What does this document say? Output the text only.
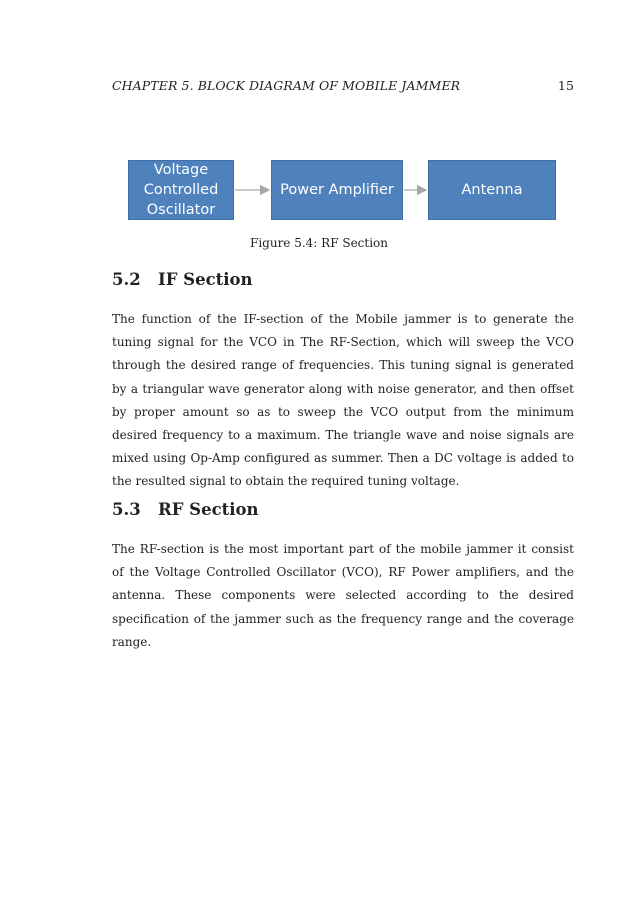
CHAPTER 5. BLOCK DIAGRAM OF MOBILE JAMMER	15
Voltage
Controlled
Oscillator
Power Amplifier	Antenna
Figure 5.4: RF Section
5.2 IF Section

The function of the IF-section of the Mobile jammer is to generate the tuning signal for the VCO in The RF-Section, which will sweep the VCO through the desired range of frequencies. This tuning signal is generated by a triangular wave generator along with noise generator, and then offset by proper amount so as to sweep the VCO output from the minimum desired frequency to a maximum. The triangle wave and noise signals are mixed using Op-Amp configured as summer. Then a DC voltage is added to the resulted signal to obtain the required tuning voltage.

5.3 RF Section

The RF-section is the most important part of the mobile jammer it consist of the Voltage Controlled Oscillator (VCO), RF Power amplifiers, and the antenna. These components were selected according to the desired specification of the jammer such as the frequency range and the coverage range.
